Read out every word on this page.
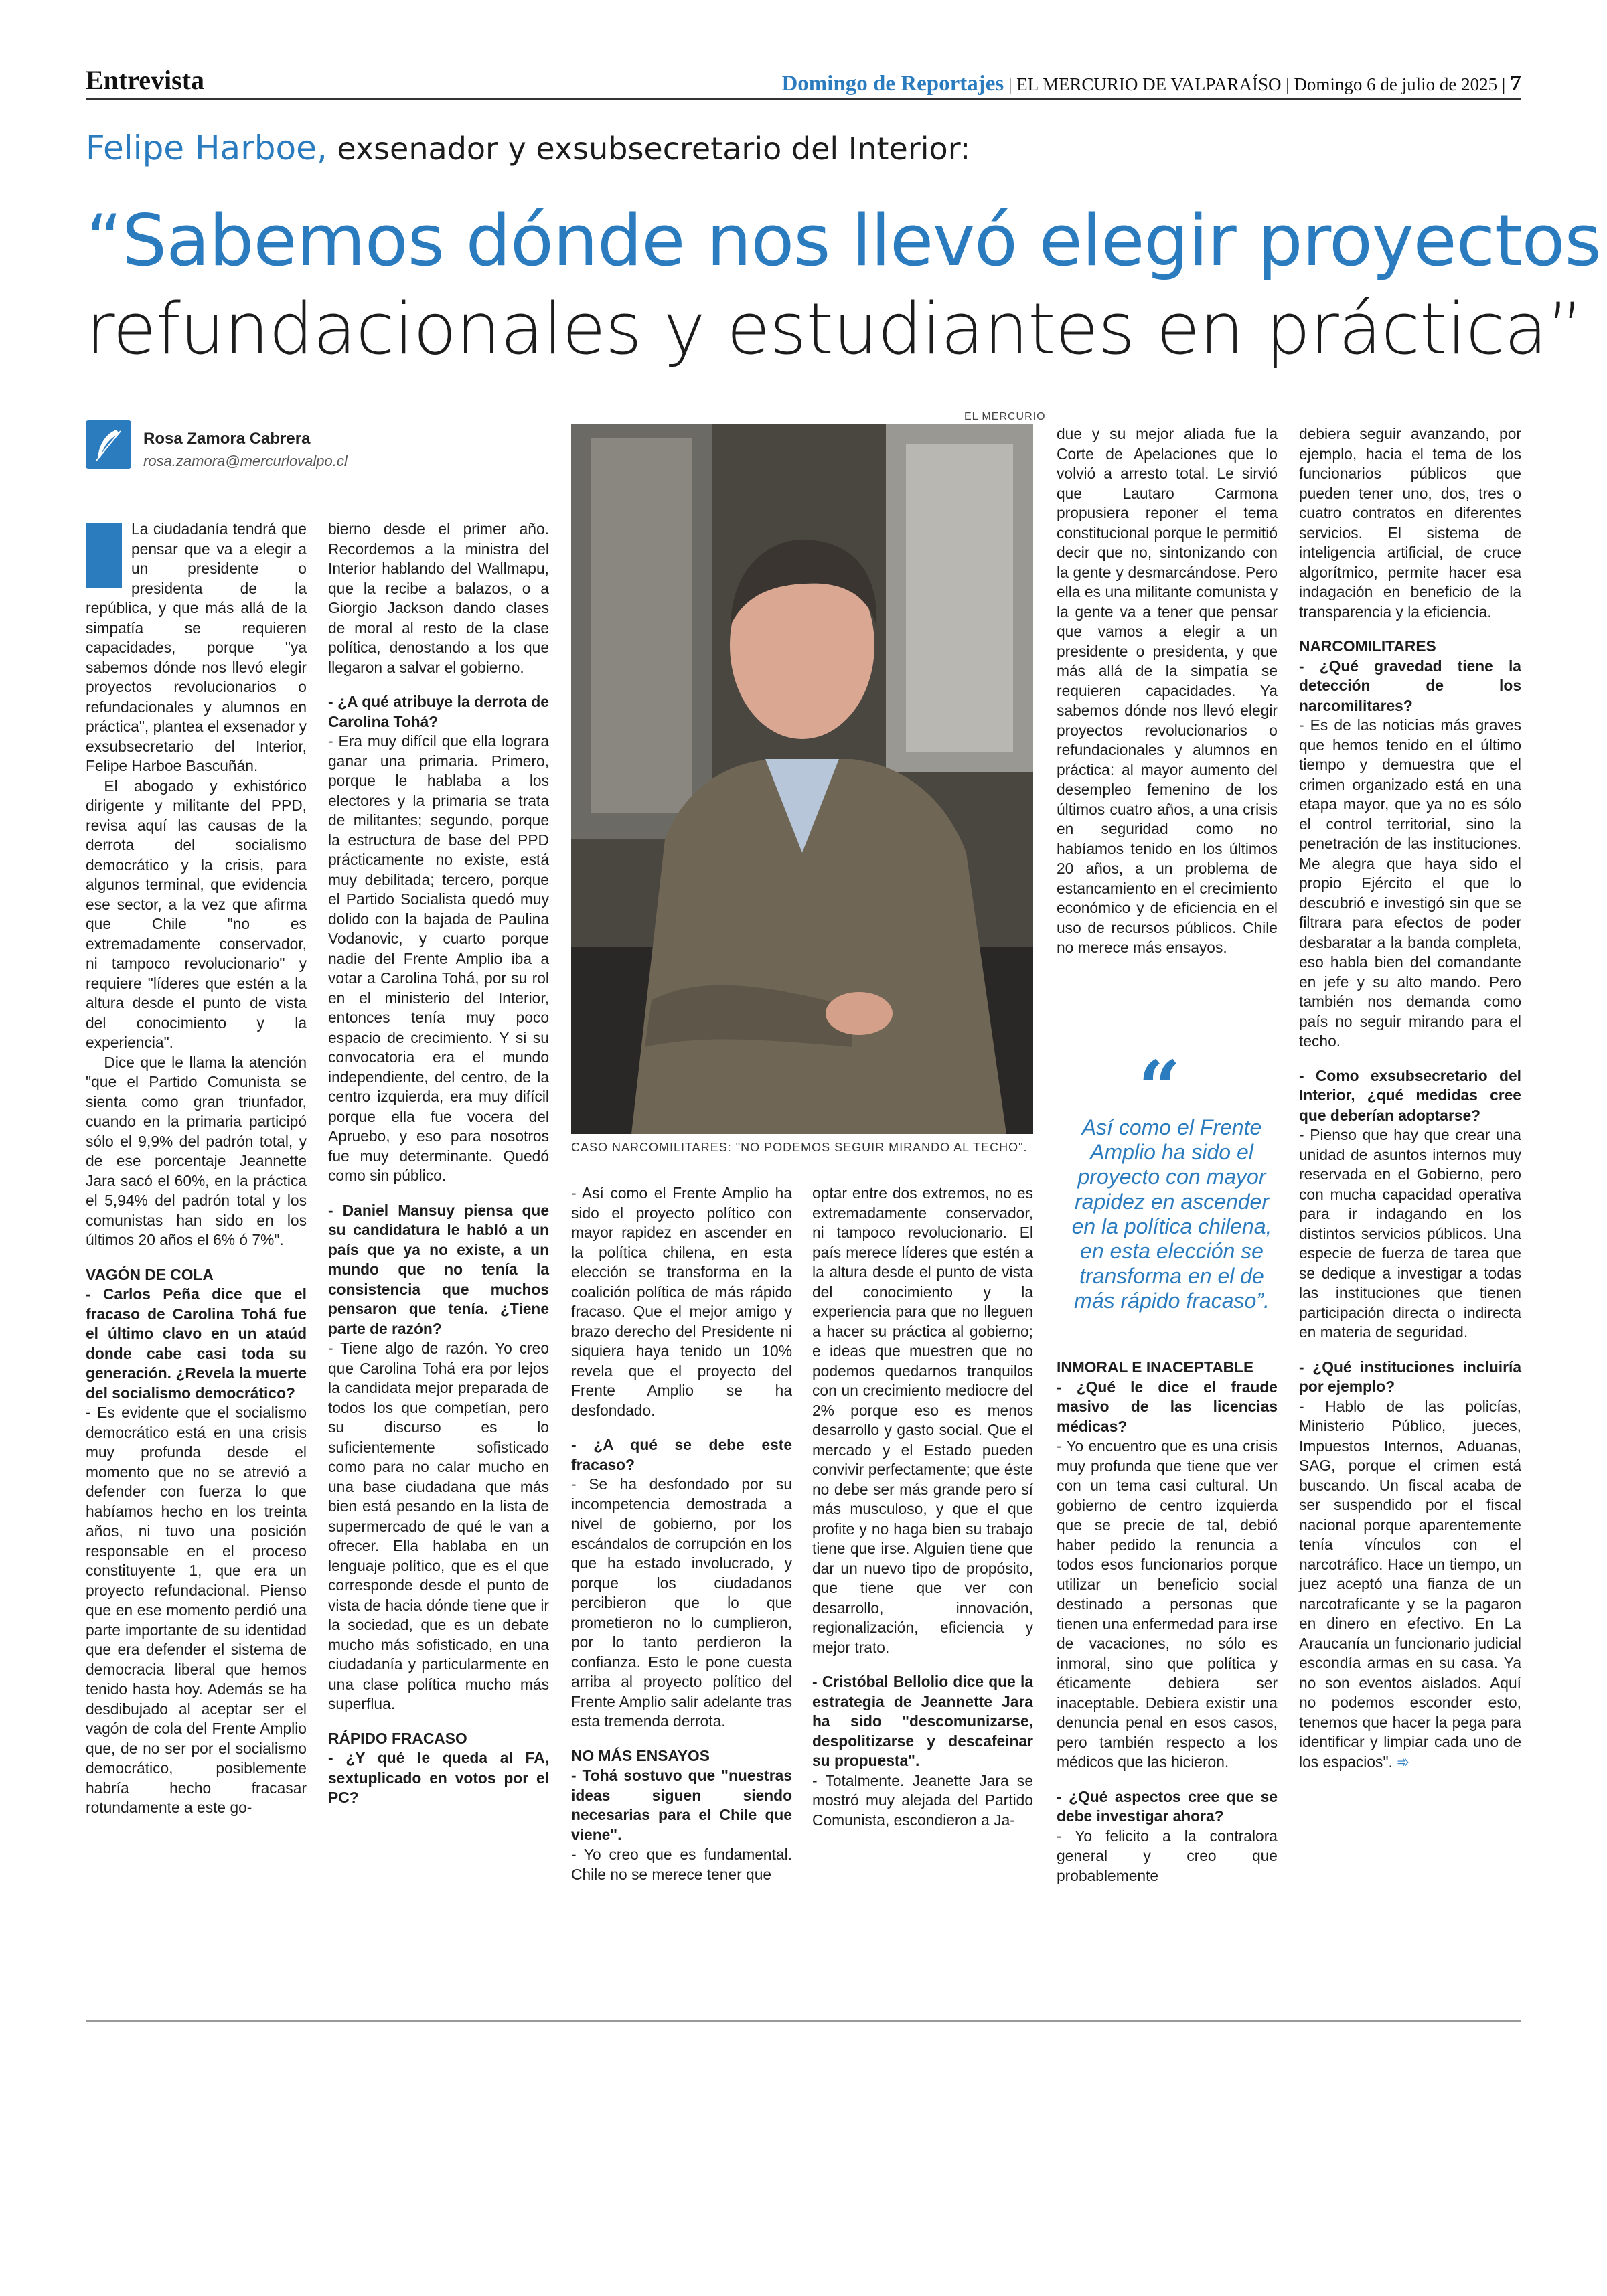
Entrevista	Domingo de Reportajes | EL MERCURIO DE VALPARAÍSO | Domingo 6 de julio de 2025 | 7
Felipe Harboe, exsenador y exsubsecretario del Interior:
“Sabemos dónde nos llevó elegir proyectos
refundacionales y estudiantes en práctica”
Rosa Zamora Cabrera
rosa.zamora@mercurlovalpo.cl

La ciudadanía tendrá que pensar que va a elegir a un presidente o presidenta de la república, y que más allá de la simpatía se requieren capacidades, porque "ya sabemos dónde nos llevó elegir proyectos revolucionarios o refundacionales y alumnos en práctica", plantea el exsenador y exsubsecretario del Interior, Felipe Harboe Bascuñán.

El abogado y exhistórico dirigente y militante del PPD, revisa aquí las causas de la derrota del socialismo democrático y la crisis, para algunos terminal, que evidencia ese sector, a la vez que afirma que Chile "no es extremadamente conservador, ni tampoco revolucionario" y requiere "líderes que estén a la altura desde el punto de vista del conocimiento y la experiencia".

Dice que le llama la atención "que el Partido Comunista se sienta como gran triunfador, cuando en la primaria participó sólo el 9,9% del padrón total, y de ese porcentaje Jeannette Jara sacó el 60%, en la práctica el 5,94% del padrón total y los comunistas han sido en los últimos 20 años el 6% ó 7%".

VAGÓN DE COLA

- Carlos Peña dice que el fracaso de Carolina Tohá fue el último clavo en un ataúd donde cabe casi toda su generación. ¿Revela la muerte del socialismo democrático?

- Es evidente que el socialismo democrático está en una crisis muy profunda desde el momento que no se atrevió a defender con fuerza lo que habíamos hecho en los treinta años, ni tuvo una posición responsable en el proceso constituyente 1, que era un proyecto refundacional. Pienso que en ese momento perdió una parte importante de su identidad que era defender el sistema de democracia liberal que hemos tenido hasta hoy. Además se ha desdibujado al aceptar ser el vagón de cola del Frente Amplio que, de no ser por el socialismo democrático, posiblemente habría hecho fracasar rotundamente a este go-

bierno desde el primer año. Recordemos a la ministra del Interior hablando del Wallmapu, que la recibe a balazos, o a Giorgio Jackson dando clases de moral al resto de la clase política, denostando a los que llegaron a salvar el gobierno.

- ¿A qué atribuye la derrota de Carolina Tohá?

- Era muy difícil que ella lograra ganar una primaria. Primero, porque le hablaba a los electores y la primaria se trata de militantes; segundo, porque la estructura de base del PPD prácticamente no existe, está muy debilitada; tercero, porque el Partido Socialista quedó muy dolido con la bajada de Paulina Vodanovic, y cuarto porque nadie del Frente Amplio iba a votar a Carolina Tohá, por su rol en el ministerio del Interior, entonces tenía muy poco espacio de crecimiento. Y si su convocatoria era el mundo independiente, del centro, de la centro izquierda, era muy difícil porque ella fue vocera del Apruebo, y eso para nosotros fue muy determinante. Quedó como sin público.

- Daniel Mansuy piensa que su candidatura le habló a un país que ya no existe, a un mundo que no tenía la consistencia que muchos pensaron que tenía. ¿Tiene parte de razón?

- Tiene algo de razón. Yo creo que Carolina Tohá era por lejos la candidata mejor preparada de todos los que competían, pero su discurso es lo suficientemente sofisticado como para no calar mucho en una base ciudadana que más bien está pesando en la lista de supermercado de qué le van a ofrecer. Ella hablaba en un lenguaje político, que es el que corresponde desde el punto de vista de hacia dónde tiene que ir la sociedad, que es un debate mucho más sofisticado, en una ciudadanía y particularmente en una clase política mucho más superflua.

RÁPIDO FRACASO

- ¿Y qué le queda al FA, sextuplicado en votos por el PC?

EL MERCURIO
CASO NARCOMILITARES: "NO PODEMOS SEGUIR MIRANDO AL TECHO".

- Así como el Frente Amplio ha sido el proyecto político con mayor rapidez en ascender en la política chilena, en esta elección se transforma en la coalición política de más rápido fracaso. Que el mejor amigo y brazo derecho del Presidente ni siquiera haya tenido un 10% revela que el proyecto del Frente Amplio se ha desfondado.

- ¿A qué se debe este fracaso?

- Se ha desfondado por su incompetencia demostrada a nivel de gobierno, por los escándalos de corrupción en los que ha estado involucrado, y porque los ciudadanos percibieron que lo que prometieron no lo cumplieron, por lo tanto perdieron la confianza. Esto le pone cuesta arriba al proyecto político del Frente Amplio salir adelante tras esta tremenda derrota.

NO MÁS ENSAYOS

- Tohá sostuvo que "nuestras ideas siguen siendo necesarias para el Chile que viene".

- Yo creo que es fundamental. Chile no se merece tener que

optar entre dos extremos, no es extremadamente conservador, ni tampoco revolucionario. El país merece líderes que estén a la altura desde el punto de vista del conocimiento y la experiencia para que no lleguen a hacer su práctica al gobierno; e ideas que muestren que no podemos quedarnos tranquilos con un crecimiento mediocre del 2% porque eso es menos desarrollo y gasto social. Que el mercado y el Estado pueden convivir perfectamente; que éste no debe ser más grande pero sí más musculoso, y que el que profite y no haga bien su trabajo tiene que irse. Alguien tiene que dar un nuevo tipo de propósito, que tiene que ver con desarrollo, innovación, regionalización, eficiencia y mejor trato.

- Cristóbal Bellolio dice que la estrategia de Jeannette Jara ha sido "descomunizarse, despolitizarse y descafeinar su propuesta".

- Totalmente. Jeanette Jara se mostró muy alejada del Partido Comunista, escondieron a Ja-

due y su mejor aliada fue la Corte de Apelaciones que lo volvió a arresto total. Le sirvió que Lautaro Carmona propusiera reponer el tema constitucional porque le permitió decir que no, sintonizando con la gente y desmarcándose. Pero ella es una militante comunista y la gente va a tener que pensar que vamos a elegir a un presidente o presidenta, y que más allá de la simpatía se requieren capacidades. Ya sabemos dónde nos llevó elegir proyectos revolucionarios o refundacionales y alumnos en práctica: al mayor aumento del desempleo femenino de los últimos cuatro años, a una crisis en seguridad como no habíamos tenido en los últimos 20 años, a un problema de estancamiento en el crecimiento económico y de eficiencia en el uso de recursos públicos. Chile no merece más ensayos.

“
Así como el Frente Amplio ha sido el proyecto con mayor rapidez en ascender en la política chilena, en esta elección se transforma en el de más rápido fracaso”.
INMORAL E INACEPTABLE

- ¿Qué le dice el fraude masivo de las licencias médicas?

- Yo encuentro que es una crisis muy profunda que tiene que ver con un tema casi cultural. Un gobierno de centro izquierda que se precie de tal, debió haber pedido la renuncia a todos esos funcionarios porque utilizar un beneficio social destinado a personas que tienen una enfermedad para irse de vacaciones, no sólo es inmoral, sino que política y éticamente debiera ser inaceptable. Debiera existir una denuncia penal en esos casos, pero también respecto a los médicos que las hicieron.

- ¿Qué aspectos cree que se debe investigar ahora?

- Yo felicito a la contralora general y creo que probablemente

debiera seguir avanzando, por ejemplo, hacia el tema de los funcionarios públicos que pueden tener uno, dos, tres o cuatro contratos en diferentes servicios. El sistema de inteligencia artificial, de cruce algorítmico, permite hacer esa indagación en beneficio de la transparencia y la eficiencia.

NARCOMILITARES

- ¿Qué gravedad tiene la detección de los narcomilitares?

- Es de las noticias más graves que hemos tenido en el último tiempo y demuestra que el crimen organizado está en una etapa mayor, que ya no es sólo el control territorial, sino la penetración de las instituciones. Me alegra que haya sido el propio Ejército el que lo descubrió e investigó sin que se filtrara para efectos de poder desbaratar a la banda completa, eso habla bien del comandante en jefe y su alto mando. Pero también nos demanda como país no seguir mirando para el techo.

- Como exsubsecretario del Interior, ¿qué medidas cree que deberían adoptarse?

- Pienso que hay que crear una unidad de asuntos internos muy reservada en el Gobierno, pero con mucha capacidad operativa para ir indagando en los distintos servicios públicos. Una especie de fuerza de tarea que se dedique a investigar a todas las instituciones que tienen participación directa o indirecta en materia de seguridad.

- ¿Qué instituciones incluiría por ejemplo?

- Hablo de las policías, Ministerio Público, jueces, Impuestos Internos, Aduanas, SAG, porque el crimen está buscando. Un fiscal acaba de ser suspendido por el fiscal nacional porque aparentemente tenía vínculos con el narcotráfico. Hace un tiempo, un juez aceptó una fianza de un narcotraficante y se la pagaron en dinero en efectivo. En La Araucanía un funcionario judicial escondía armas en su casa. Ya no son eventos aislados. Aquí no podemos esconder esto, tenemos que hacer la pega para identificar y limpiar cada uno de los espacios". ➾
